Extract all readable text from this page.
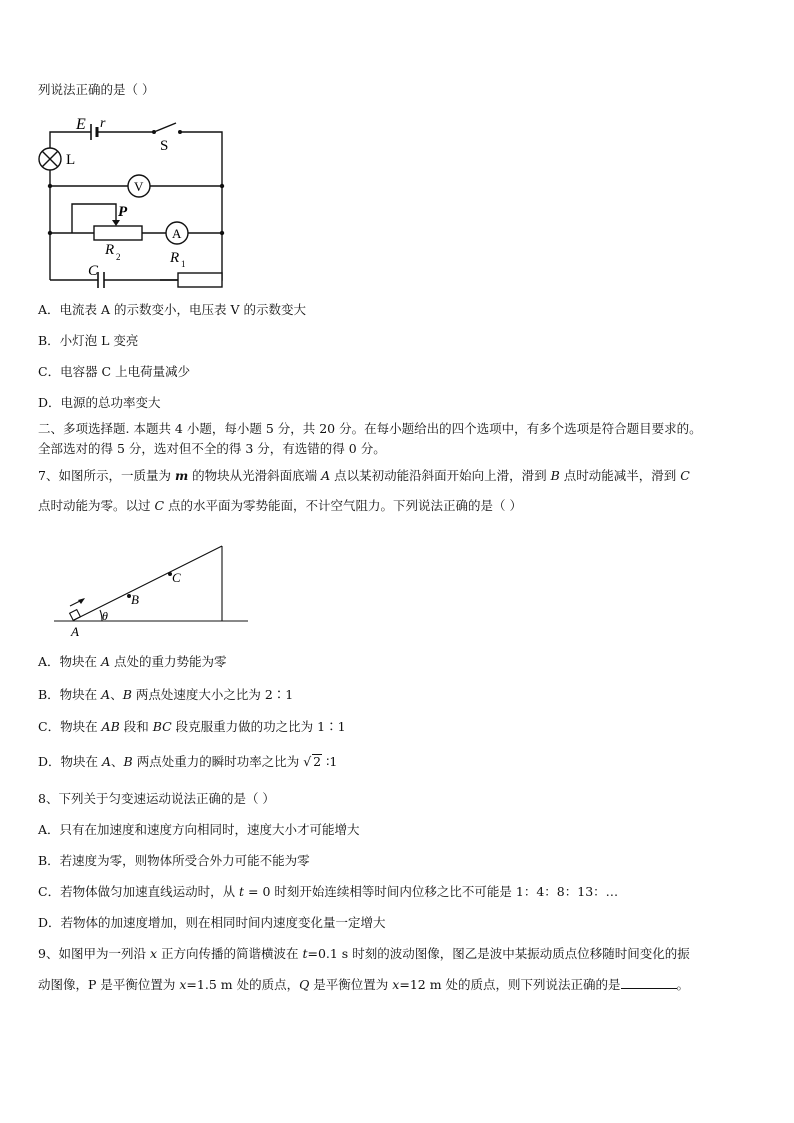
列说法正确的是（ ）
E r
S
L
V
A
P
R 2
C
R 1
A．电流表 A 的示数变小，电压表 V 的示数变大
B．小灯泡 L 变亮
C．电容器 C 上电荷量减少
D．电源的总功率变大
二、多项选择题. 本题共 4 小题，每小题 5 分，共 20 分。在每小题给出的四个选项中，有多个选项是符合题目要求的。
全部选对的得 5 分，选对但不全的得 3 分，有选错的得 0 分。
7、如图所示，一质量为 m 的物块从光滑斜面底端 A 点以某初动能沿斜面开始向上滑，滑到 B 点时动能减半，滑到 C
点时动能为零。以过 C 点的水平面为零势能面，不计空气阻力。下列说法正确的是（ ）
A
B
C
θ
A．物块在 A 点处的重力势能为零
B．物块在 A、B 两点处速度大小之比为 2∶1
C．物块在 AB 段和 BC 段克服重力做的功之比为 1∶1
D．物块在 A、B 两点处重力的瞬时功率之比为 √ 2 ∶1
8、下列关于匀变速运动说法正确的是（ ）
A．只有在加速度和速度方向相同时，速度大小才可能增大
B．若速度为零，则物体所受合外力可能不能为零
C．若物体做匀加速直线运动时，从 t = 0 时刻开始连续相等时间内位移之比不可能是 1：4：8：13：…
D．若物体的加速度增加，则在相同时间内速度变化量一定增大
9、如图甲为一列沿 x 正方向传播的简谐横波在 t=0.1 s 时刻的波动图像，图乙是波中某振动质点位移随时间变化的振
动图像，P 是平衡位置为 x=1.5 m 处的质点，Q 是平衡位置为 x=12 m 处的质点，则下列说法正确的是	。
